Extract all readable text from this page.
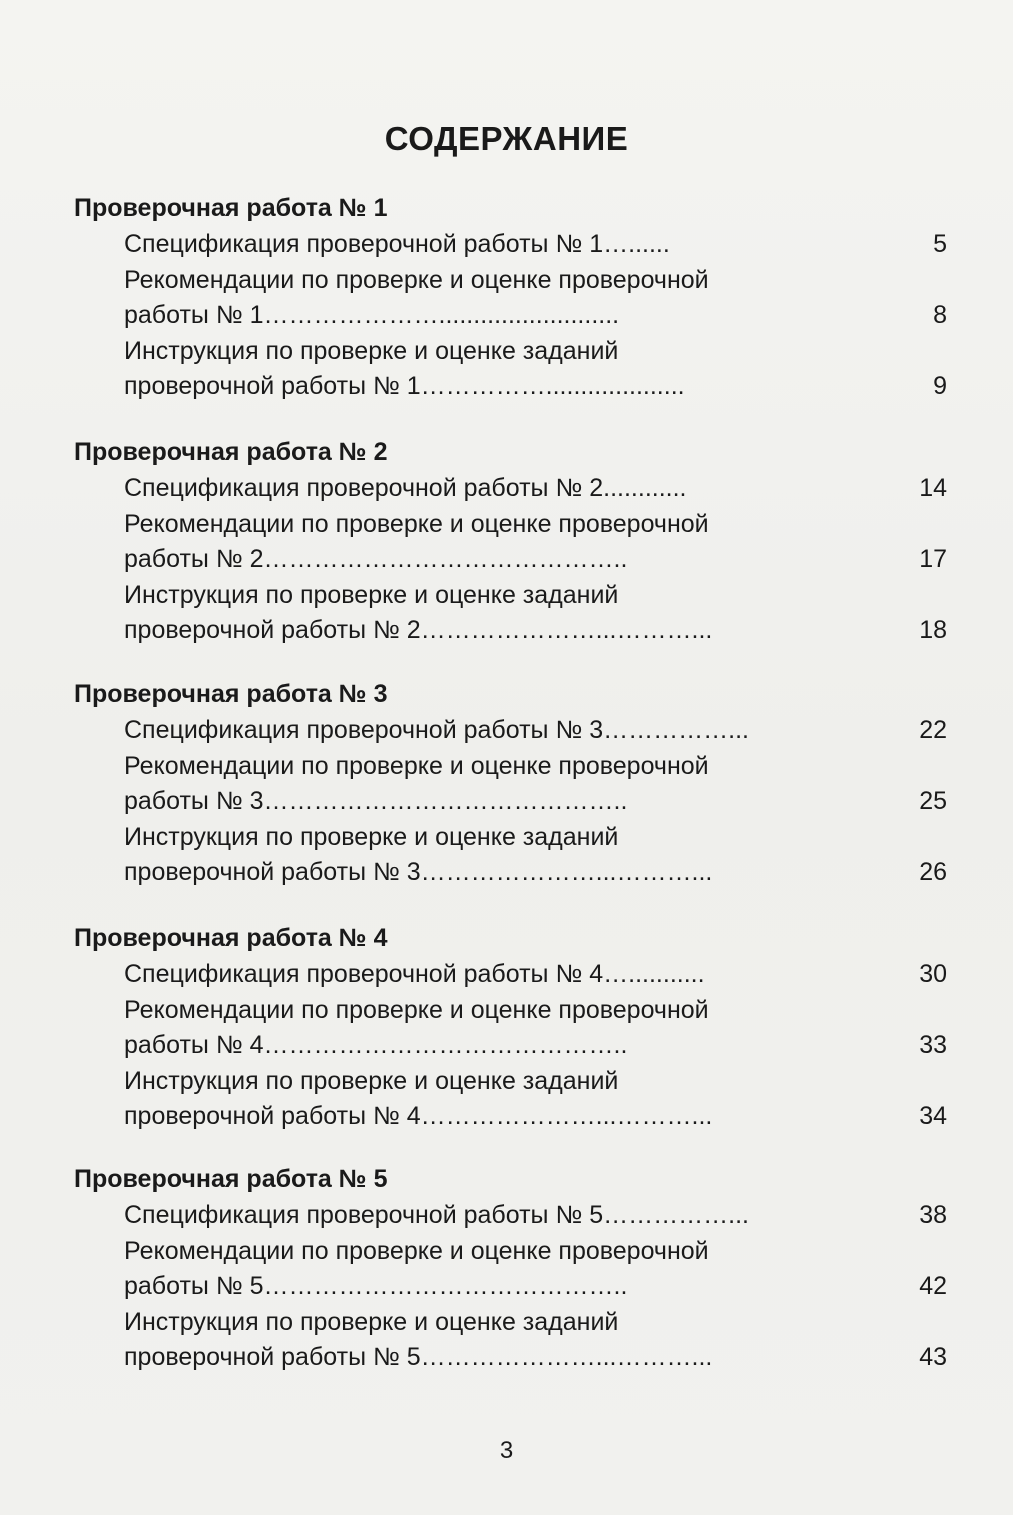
СОДЕРЖАНИЕ
Проверочная работа № 1
Спецификация проверочной работы № 1…......	5
Рекомендации по проверке и оценке проверочной
работы № 1…………………..........................	8
Инструкция по проверке и оценке заданий
проверочной работы № 1……………....................	9
Проверочная работа № 2
Спецификация проверочной работы № 2............	14
Рекомендации по проверке и оценке проверочной
работы № 2……………………………………..	17
Инструкция по проверке и оценке заданий
проверочной работы № 2…………………...………...	18
Проверочная работа № 3
Спецификация проверочной работы № 3……………...	22
Рекомендации по проверке и оценке проверочной
работы № 3……………………………………..	25
Инструкция по проверке и оценке заданий
проверочной работы № 3…………………...………...	26
Проверочная работа № 4
Спецификация проверочной работы № 4…...........	30
Рекомендации по проверке и оценке проверочной
работы № 4……………………………………..	33
Инструкция по проверке и оценке заданий
проверочной работы № 4…………………...………...	34
Проверочная работа № 5
Спецификация проверочной работы № 5……………...	38
Рекомендации по проверке и оценке проверочной
работы № 5……………………………………..	42
Инструкция по проверке и оценке заданий
проверочной работы № 5…………………...………...	43
3
